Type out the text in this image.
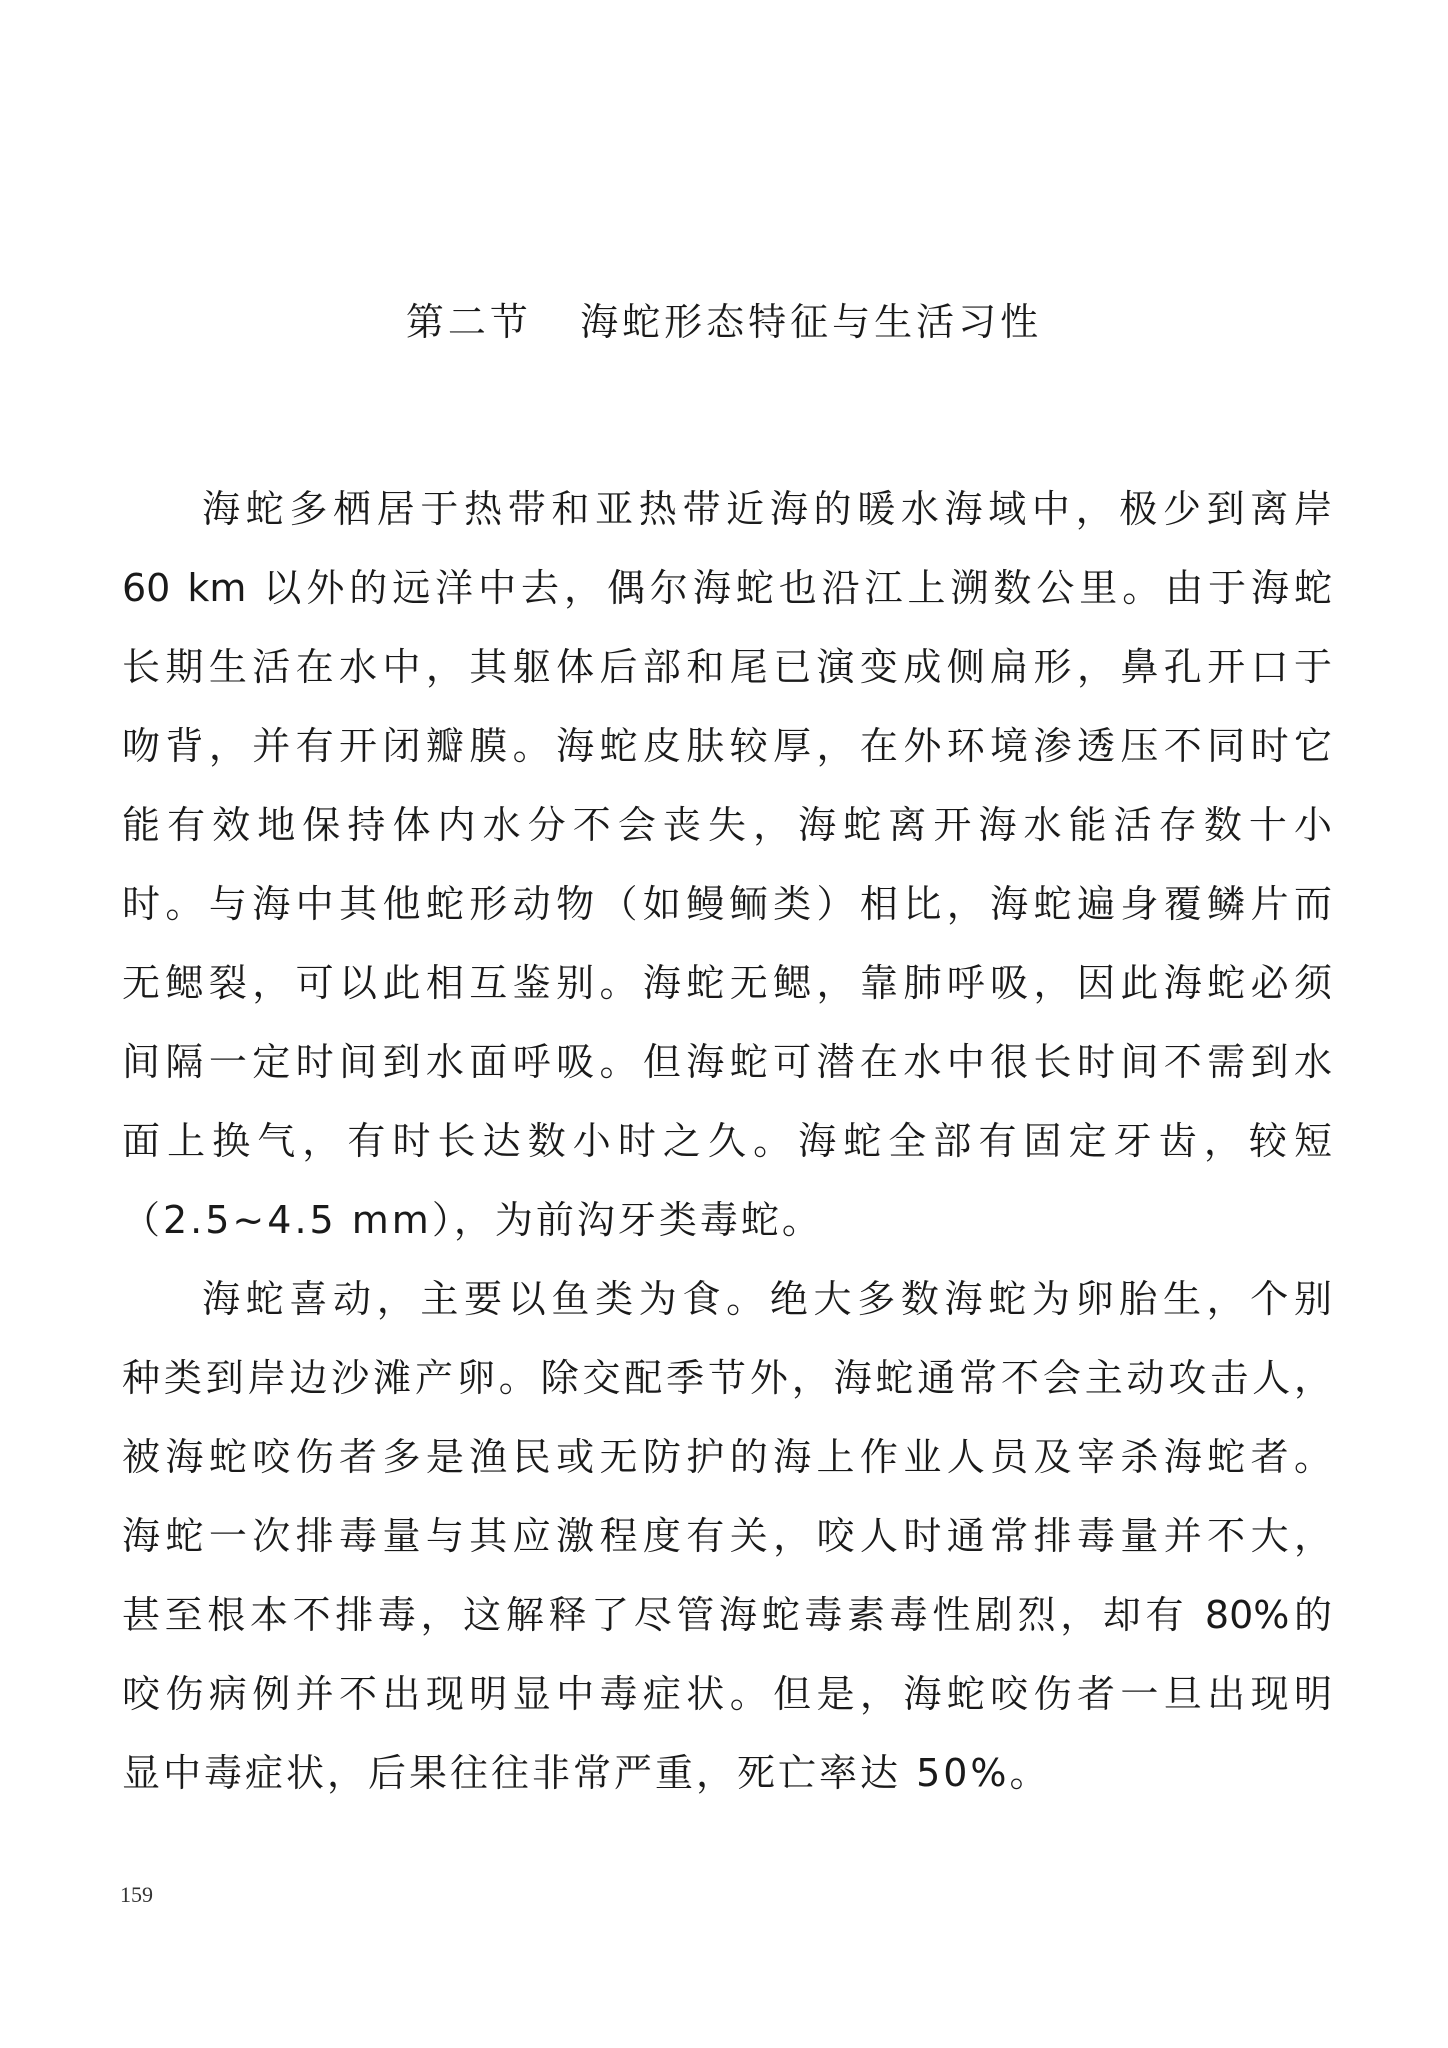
第二节   海蛇形态特征与生活习性
海蛇多栖居于热带和亚热带近海的暖水海域中，极少到离岸
60 km 以外的远洋中去，偶尔海蛇也沿江上溯数公里。由于海蛇
长期生活在水中，其躯体后部和尾已演变成侧扁形，鼻孔开口于
吻背，并有开闭瓣膜。海蛇皮肤较厚，在外环境渗透压不同时它
能有效地保持体内水分不会丧失，海蛇离开海水能活存数十小
时。与海中其他蛇形动物（如鳗鲕类）相比，海蛇遍身覆鳞片而
无鳃裂，可以此相互鉴别。海蛇无鳃，靠肺呼吸，因此海蛇必须
间隔一定时间到水面呼吸。但海蛇可潜在水中很长时间不需到水
面上换气，有时长达数小时之久。海蛇全部有固定牙齿，较短
（2.5~4.5 mm），为前沟牙类毒蛇。
海蛇喜动，主要以鱼类为食。绝大多数海蛇为卵胎生，个别
种类到岸边沙滩产卵。除交配季节外，海蛇通常不会主动攻击人，
被海蛇咬伤者多是渔民或无防护的海上作业人员及宰杀海蛇者。
海蛇一次排毒量与其应激程度有关，咬人时通常排毒量并不大，
甚至根本不排毒，这解释了尽管海蛇毒素毒性剧烈，却有 80%的
咬伤病例并不出现明显中毒症状。但是，海蛇咬伤者一旦出现明
显中毒症状，后果往往非常严重，死亡率达 50%。
159
